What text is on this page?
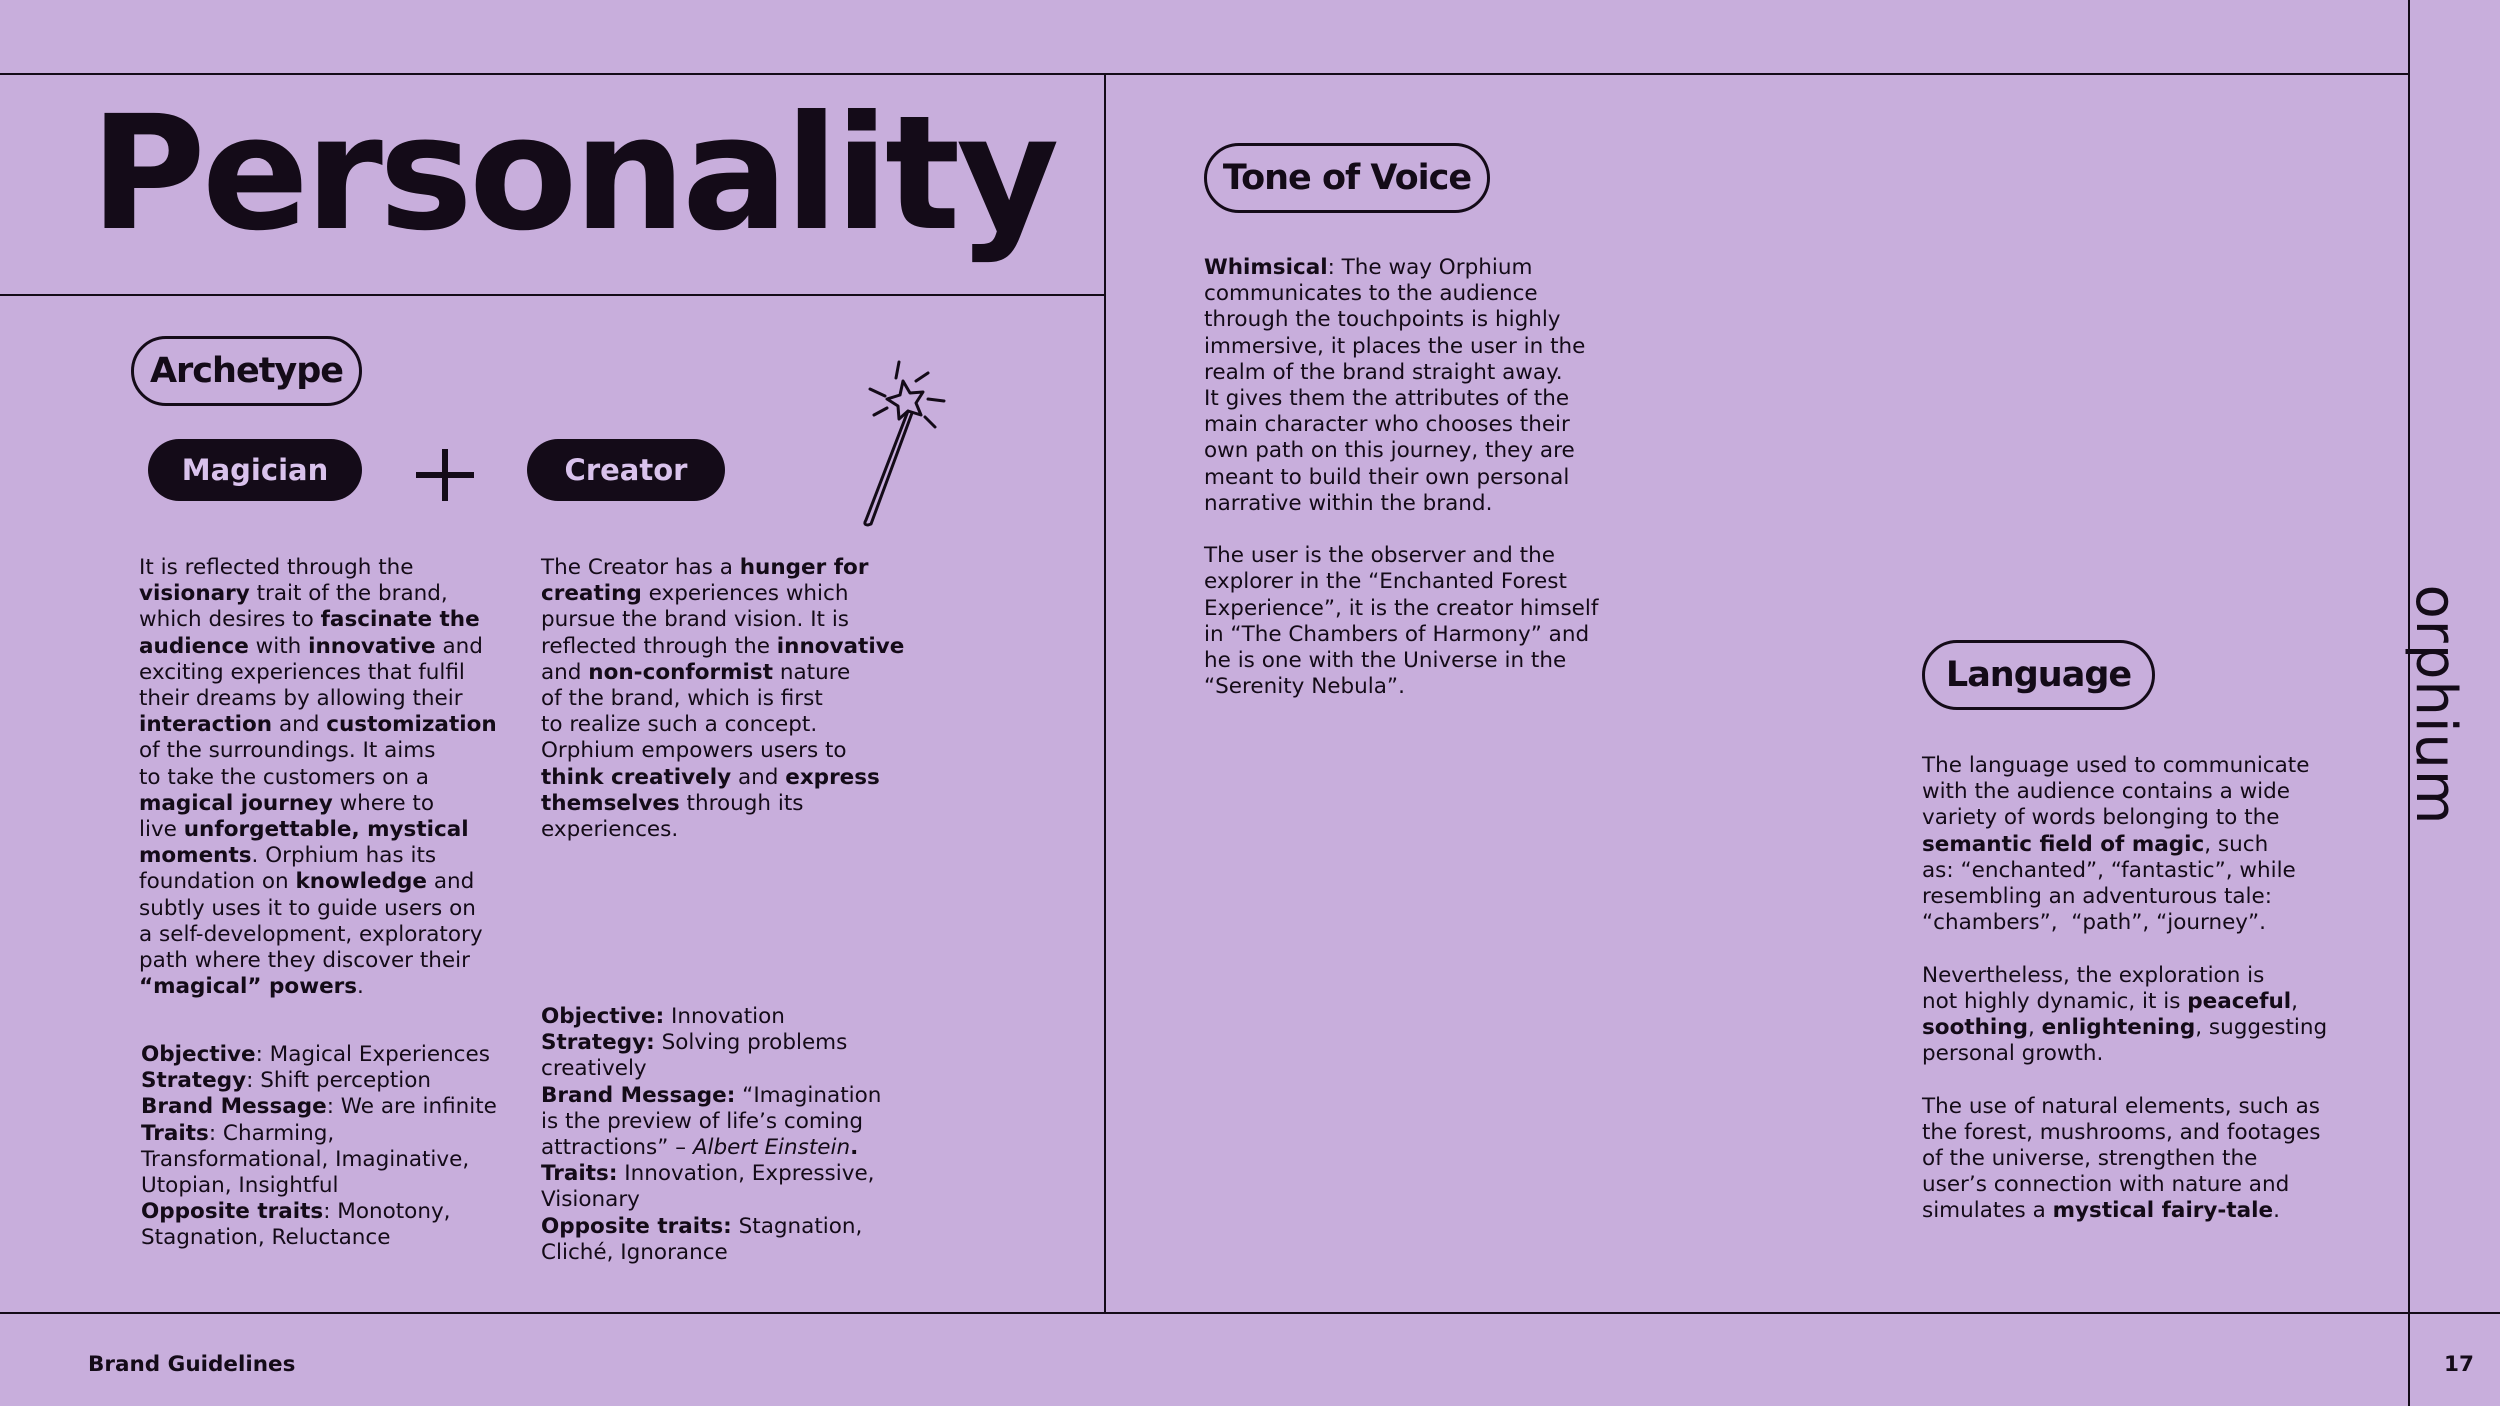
Personality
Archetype
Magician	Creator

It is reflected through the

visionary trait of the brand,

which desires to fascinate the

audience with innovative and

exciting experiences that fulfil

their dreams by allowing their

interaction and customization

of the surroundings. It aims

to take the customers on a

magical journey where to

live unforgettable, mystical

moments. Orphium has its

foundation on knowledge and

subtly uses it to guide users on

a self-development, exploratory

path where they discover their

“magical” powers.

Objective: Magical Experiences

Strategy: Shift perception

Brand Message: We are infinite

Traits: Charming,

Transformational, Imaginative,

Utopian, Insightful

Opposite traits: Monotony,

Stagnation, Reluctance

The Creator has a hunger for

creating experiences which

pursue the brand vision. It is

reflected through the innovative

and non-conformist nature

of the brand, which is first

to realize such a concept.

Orphium empowers users to

think creatively and express

themselves through its

experiences.

Objective: Innovation

Strategy: Solving problems

creatively

Brand Message: “Imagination

is the preview of life’s coming

attractions” – Albert Einstein.

Traits: Innovation, Expressive,

Visionary

Opposite traits: Stagnation,

Cliché, Ignorance

Tone of Voice

Whimsical: The way Orphium

communicates to the audience

through the touchpoints is highly

immersive, it places the user in the

realm of the brand straight away.

It gives them the attributes of the

main character who chooses their

own path on this journey, they are

meant to build their own personal

narrative within the brand.

The user is the observer and the

explorer in the “Enchanted Forest

Experience”, it is the creator himself

in “The Chambers of Harmony” and

he is one with the Universe in the

“Serenity Nebula”.	Language

The language used to communicate

with the audience contains a wide

variety of words belonging to the

semantic field of magic, such

as: “enchanted”, “fantastic”, while

resembling an adventurous tale:

“chambers”,  “path”, “journey”.

Nevertheless, the exploration is

not highly dynamic, it is peaceful,

soothing, enlightening, suggesting

personal growth.

The use of natural elements, such as

the forest, mushrooms, and footages

of the universe, strengthen the

user’s connection with nature and

simulates a mystical fairy-tale.

orphium
Brand Guidelines	17
